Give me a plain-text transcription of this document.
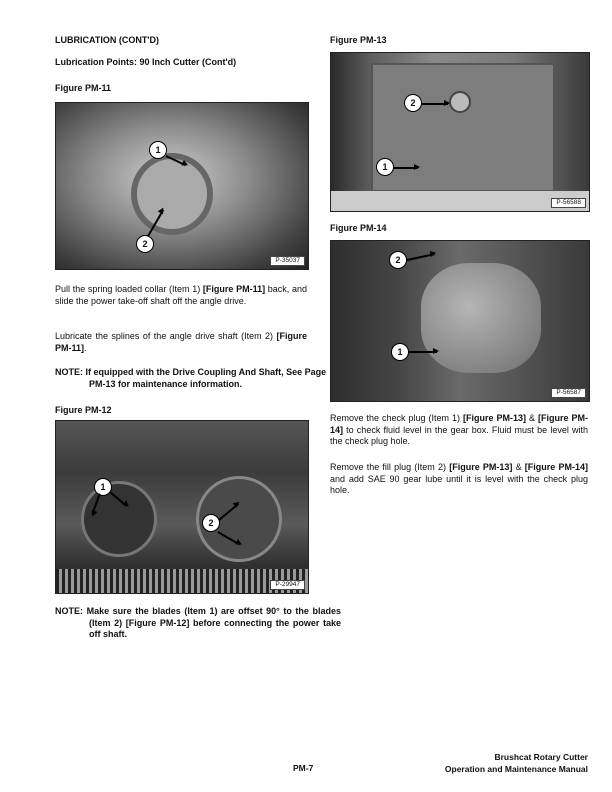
LUBRICATION (CONT'D)
Lubrication Points: 90 Inch Cutter (Cont'd)
Figure PM-11
1
2
P-35037
Pull the spring loaded collar (Item 1) [Figure PM-11] back, and slide the power take-off shaft off the angle drive.
Lubricate the splines of the angle drive shaft (Item 2) [Figure PM-11].
NOTE: If equipped with the Drive Coupling And Shaft, See Page PM-13 for maintenance information.
Figure PM-12
1
2
P-29947
NOTE: Make sure the blades (Item 1) are offset 90° to the blades (Item 2) [Figure PM-12] before connecting the power take off shaft.
Figure PM-13
2
1
P-56588
Figure PM-14
2
1
P-56587
Remove the check plug (Item 1) [Figure PM-13] & [Figure PM-14] to check fluid level in the gear box. Fluid must be level with the check plug hole.
Remove the fill plug (Item 2) [Figure PM-13] & [Figure PM-14] and add SAE 90 gear lube until it is level with the check plug hole.
PM-7
Brushcat Rotary Cutter
Operation and Maintenance Manual
